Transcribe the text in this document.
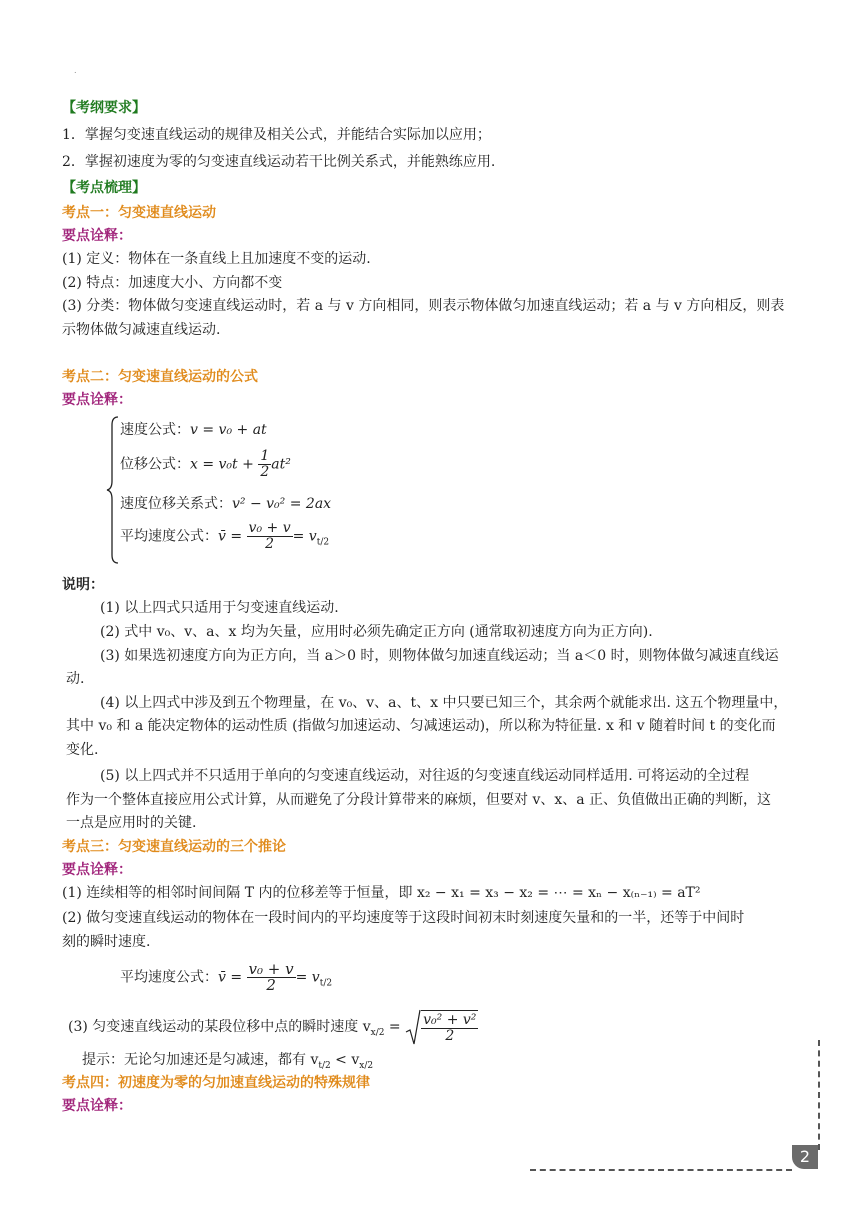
.
【考纲要求】
1．掌握匀变速直线运动的规律及相关公式，并能结合实际加以应用；
2．掌握初速度为零的匀变速直线运动若干比例关系式，并能熟练应用.
【考点梳理】
考点一：匀变速直线运动
要点诠释：
(1) 定义：物体在一条直线上且加速度不变的运动.
(2) 特点：加速度大小、方向都不变
(3) 分类：物体做匀变速直线运动时，若 a 与 v 方向相同，则表示物体做匀加速直线运动；若 a 与 v 方向相反，则表
示物体做匀减速直线运动.
考点二：匀变速直线运动的公式
要点诠释：
速度公式：v = v₀ + at
位移公式：$x = v_0t + \frac{1}{2} at^2$
速度位移关系式：v² − v₀² = 2ax
平均速度公式：v̄ = $\frac{\text{v₀ + v}}{2} = v_{t/2}$
说明：
(1) 以上四式只适用于匀变速直线运动.
(2) 式中 v₀、v、a、x 均为矢量，应用时必须先确定正方向 (通常取初速度方向为正方向).
(3) 如果选初速度方向为正方向，当 a＞0 时，则物体做匀加速直线运动；当 a＜0 时，则物体做匀减速直线运
动.
(4) 以上四式中涉及到五个物理量，在 v₀、v、a、t、x 中只要已知三个，其余两个就能求出. 这五个物理量中，
其中 v₀ 和 a 能决定物体的运动性质 (指做匀加速运动、匀减速运动)，所以称为特征量. x 和 v 随着时间 t 的变化而
变化.
(5) 以上四式并不只适用于单向的匀变速直线运动，对往返的匀变速直线运动同样适用. 可将运动的全过程
作为一个整体直接应用公式计算，从而避免了分段计算带来的麻烦，但要对 v、x、a 正、负值做出正确的判断，这
一点是应用时的关键.
考点三：匀变速直线运动的三个推论
要点诠释：
(1) 连续相等的相邻时间间隔 T 内的位移差等于恒量，即 x₂ − x₁ = x₃ − x₂ = ⋯ = xₙ − x₍ₙ₋₁₎ = aT²
(2) 做匀变速直线运动的物体在一段时间内的平均速度等于这段时间初末时刻速度矢量和的一半，还等于中间时
刻的瞬时速度.
平均速度公式：v̄ = $\frac{\text{v₀ + v}}{2} = v_{t/2}$
(3) 匀变速直线运动的某段位移中点的瞬时速度 $v_{x/2} = \frac{\text{v₀² + v²}}{2}$
提示：无论匀加速还是匀减速，都有 $v_{t/2} < v_{x/2}$
考点四：初速度为零的匀加速直线运动的特殊规律
要点诠释：
2
